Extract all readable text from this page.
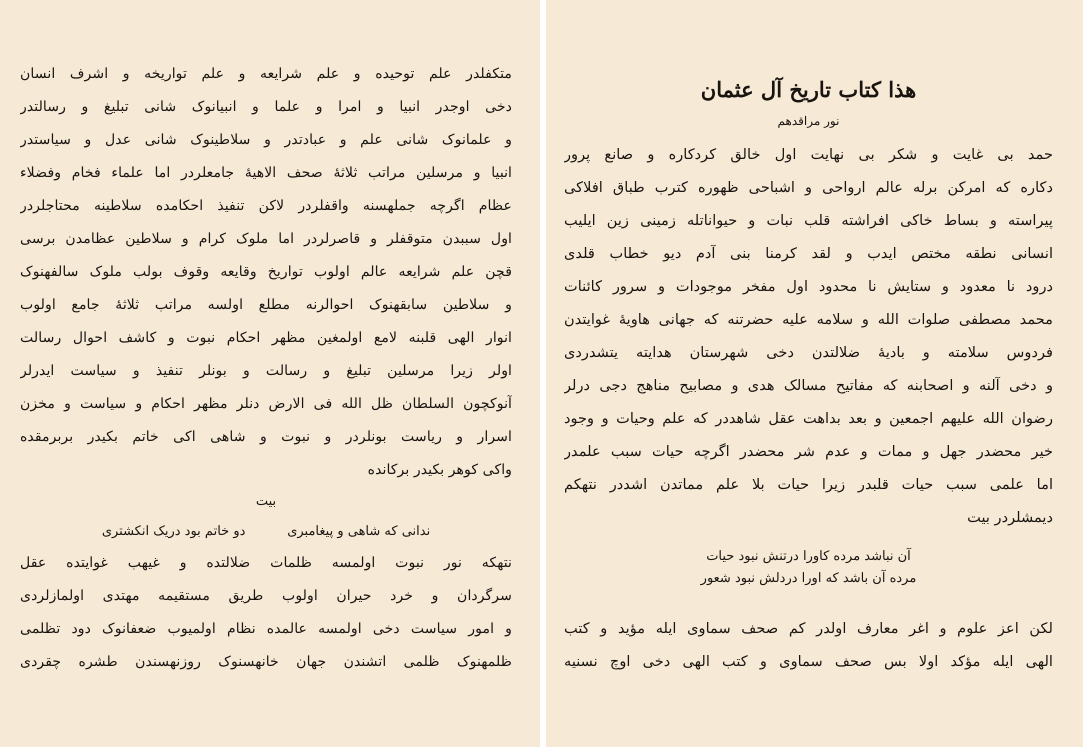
متکفلدر علم توحیده و علم شرایعه و علم تواریخه و اشرف انسان
دخی اوجدر انبیا و امرا و علما و انبیانوک شانی تبلیغ و رسالتدر
و علمانوک شانی علم و عبادتدر و سلاطینوک شانی عدل و سیاستدر
انبیا و مرسلین مراتب ثلاثهٔ صحف الاهیهٔ جامعلردر اما علماء فخام وفضلاء
عظام اگرچه جملهسنه واقفلردر لاکن تنفیذ احکامده سلاطینه محتاجلردر
اول سببدن متوقفلر و قاصرلردر اما ملوک کرام و سلاطین عظامدن برسی
قچن علم شرایعه عالم اولوب تواریخ وقایعه وقوف بولب ملوک سالفهنوک
و سلاطین سابقهنوک احوالرنه مطلع اولسه مراتب ثلاثهٔ جامع اولوب
انوار الهی قلبنه لامع اولمغین مظهر احکام نبوت و کاشف احوال رسالت
اولر زیرا مرسلین تبلیغ و رسالت و بونلر تنفیذ و سیاست ایدرلر
آنوکچون السلطان ظل الله فی الارض دنلر مظهر احکام و سیاست و مخزن
اسرار و ریاست بونلردر و نبوت و شاهی اکی خاتم بکیدر بربرمقده
واکی کوهر بکیدر برکانده
بیت
ندانی که شاهی و پیغامبری
دو خاتم بود دریک انکشتری
نتهکه نور نبوت اولمسه ظلمات ضلالتده و غیهب غوایتده عقل
سرگردان و خرد حیران اولوب طریق مستقیمه مهتدی اولمازلردی
و امور سیاست دخی اولمسه عالمده نظام اولمیوب ضعفانوک دود تظلمی
ظلمهنوک ظلمی اتشندن جهان خانهسنوک روزنهسندن طشره چقردی
هذا کتاب تاریخ آل عثمان
نور مراقدهم
حمد بی غایت و شکر بی نهایت اول خالق کردکاره و صانع پرور
دکاره که امرکن برله عالم ارواحی و اشباحی ظهوره کترب طباق افلاکی
پیراسته و بساط خاکی افراشته قلب نبات و حیواناتله زمینی زین ایلیب
انسانی نطقه مختص ایدب و لقد کرمنا بنی آدم دیو خطاب قلدی
درود نا معدود و ستایش نا محدود اول مفخر موجودات و سرور کائنات
محمد مصطفی صلوات الله و سلامه علیه حضرتنه که جهانی هاویهٔ غوایتدن
فردوس سلامته و بادیهٔ ضلالتدن دخی شهرستان هدایته یتشدردی
و دخی آلنه و اصحابنه که مفاتیح مسالک هدی و مصابیح مناهج دجی درلر
رضوان الله علیهم اجمعین و بعد بداهت عقل شاهددر که علم وحیات و وجود
خیر محضدر جهل و ممات و عدم شر محضدر اگرچه حیات سبب علمدر
اما علمی سبب حیات قلبدر زیرا حیات بلا علم مماتدن اشددر نتهکم
دیمشلردر بیت
آن نباشد مرده کاورا درتنش نبود حیات
مرده آن باشد که اورا دردلش نبود شعور
لکن اعز علوم و اغر معارف اولدر کم صحف سماوی ایله مؤید و کتب
الهی ایله مؤکد اولا بس صحف سماوی و کتب الهی دخی اوچ نسنیه
